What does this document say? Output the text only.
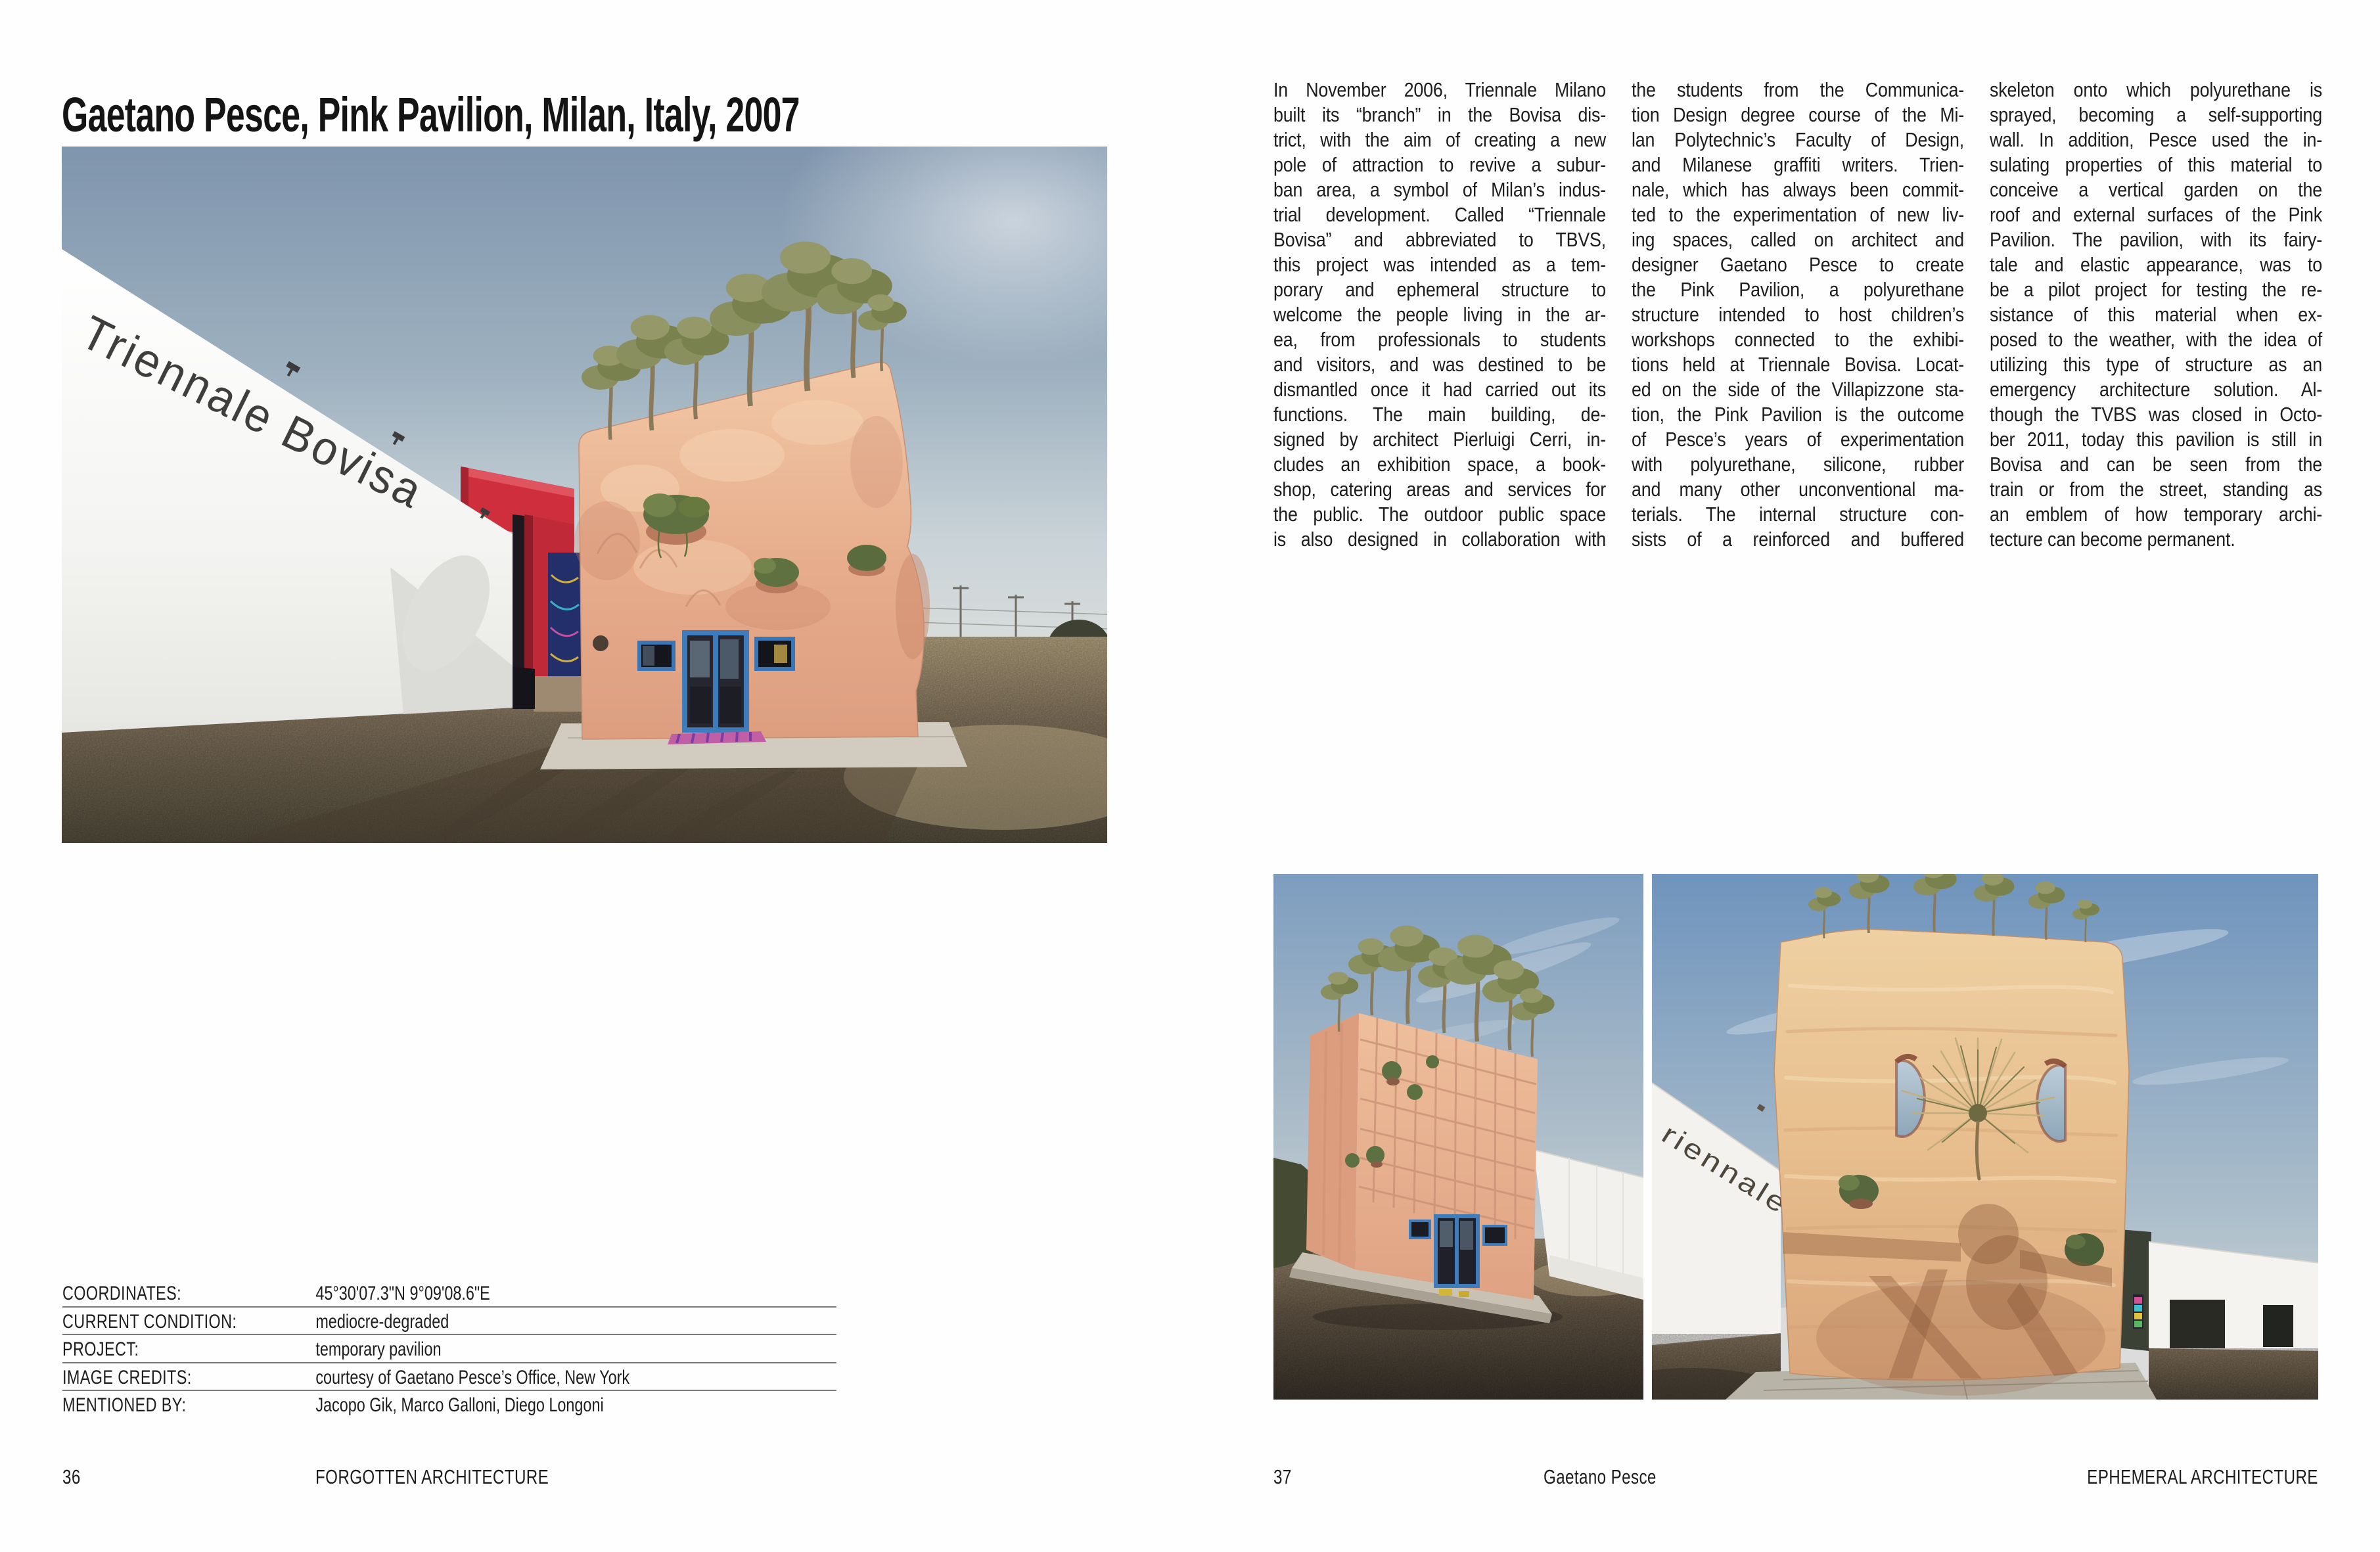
Gaetano Pesce, Pink Pavilion, Milan, Italy, 2007
Triennale Bovisa
COORDINATES:	45°30'07.3"N 9°09'08.6"E
CURRENT CONDITION:	mediocre-degraded
PROJECT:	temporary pavilion
IMAGE CREDITS:	courtesy of Gaetano Pesce’s Office, New York
MENTIONED BY:	Jacopo Gik, Marco Galloni, Diego Longoni
36	FORGOTTEN ARCHITECTURE
In November 2006, Triennale Milano
built its “branch” in the Bovisa dis-
trict, with the aim of creating a new
pole of attraction to revive a subur-
ban area, a symbol of Milan’s indus-
trial development. Called “Triennale
Bovisa” and abbreviated to TBVS,
this project was intended as a tem-
porary and ephemeral structure to
welcome the people living in the ar-
ea, from professionals to students
and visitors, and was destined to be
dismantled once it had carried out its
functions. The main building, de-
signed by architect Pierluigi Cerri, in-
cludes an exhibition space, a book-
shop, catering areas and services for
the public. The outdoor public space
is also designed in collaboration with
the students from the Communica-
tion Design degree course of the Mi-
lan Polytechnic’s Faculty of Design,
and Milanese graffiti writers. Trien-
nale, which has always been commit-
ted to the experimentation of new liv-
ing spaces, called on architect and
designer Gaetano Pesce to create
the Pink Pavilion, a polyurethane
structure intended to host children’s
workshops connected to the exhibi-
tions held at Triennale Bovisa. Locat-
ed on the side of the Villapizzone sta-
tion, the Pink Pavilion is the outcome
of Pesce’s years of experimentation
with polyurethane, silicone, rubber
and many other unconventional ma-
terials. The internal structure con-
sists of a reinforced and buffered
skeleton onto which polyurethane is
sprayed, becoming a self-supporting
wall. In addition, Pesce used the in-
sulating properties of this material to
conceive a vertical garden on the
roof and external surfaces of the Pink
Pavilion. The pavilion, with its fairy-
tale and elastic appearance, was to
be a pilot project for testing the re-
sistance of this material when ex-
posed to the weather, with the idea of
utilizing this type of structure as an
emergency architecture solution. Al-
though the TVBS was closed in Octo-
ber 2011, today this pavilion is still in
Bovisa and can be seen from the
train or from the street, standing as
an emblem of how temporary archi-
tecture can become permanent.
riennale
37	Gaetano Pesce	EPHEMERAL ARCHITECTURE
